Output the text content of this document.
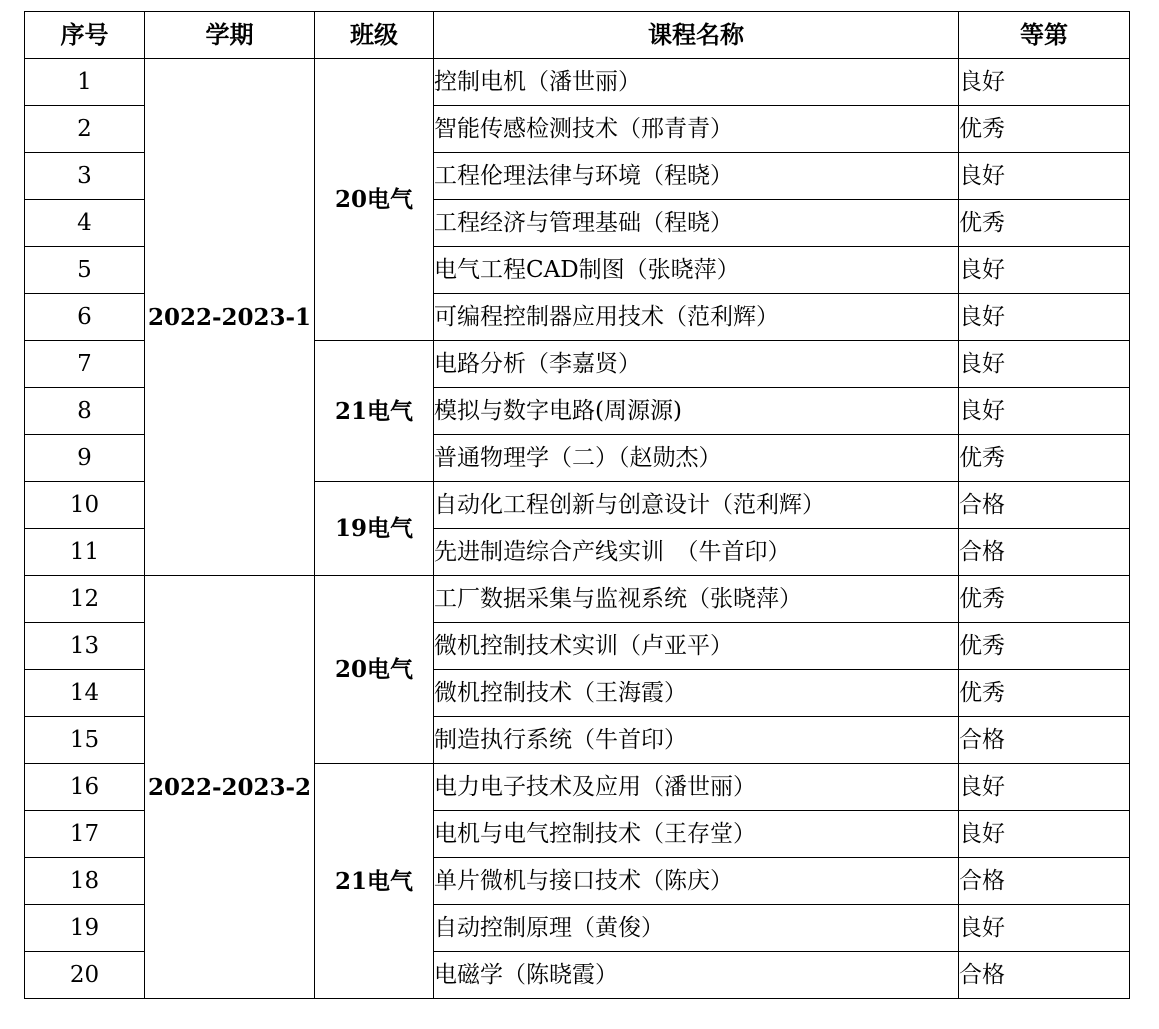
序号	学期	班级	课程名称	等第
1	2022-2023-1	20电气	控制电机（潘世丽）	良好
2			智能传感检测技术（邢青青）	优秀
3			工程伦理法律与环境（程晓）	良好
4			工程经济与管理基础（程晓）	优秀
5			电气工程CAD制图（张晓萍）	良好
6			可编程控制器应用技术（范利辉）	良好
7		21电气	电路分析（李嘉贤）	良好
8			模拟与数字电路(周源源)	良好
9			普通物理学（二）（赵勋杰）	优秀
10		19电气	自动化工程创新与创意设计（范利辉）	合格
11			先进制造综合产线实训　（牛首印）	合格
12	2022-2023-2	20电气	工厂数据采集与监视系统（张晓萍）	优秀
13			微机控制技术实训（卢亚平）	优秀
14			微机控制技术（王海霞）	优秀
15			制造执行系统（牛首印）	合格
16		21电气	电力电子技术及应用（潘世丽）	良好
17			电机与电气控制技术（王存堂）	良好
18			单片微机与接口技术（陈庆）	合格
19			自动控制原理（黄俊）	良好
20			电磁学（陈晓霞）	合格
